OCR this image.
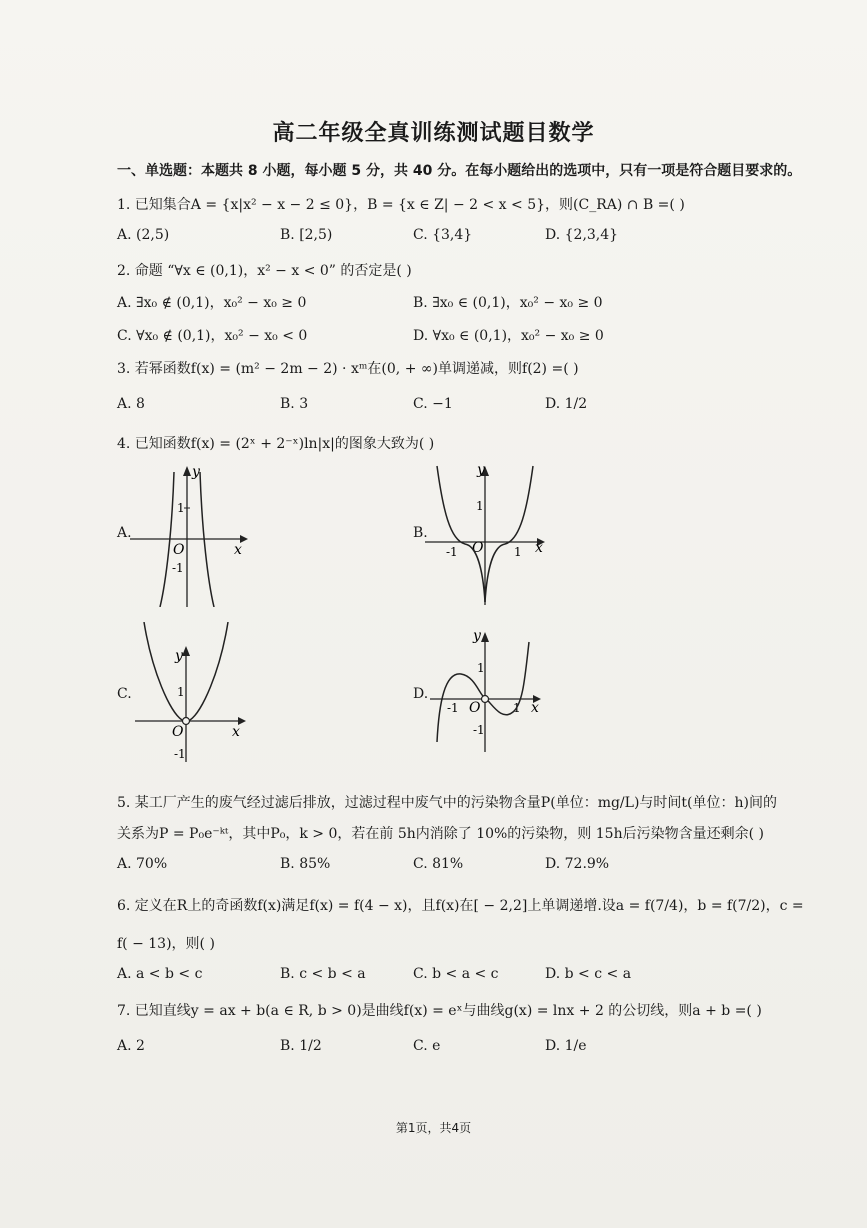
高二年级全真训练测试题目数学
一、单选题：本题共 8 小题，每小题 5 分，共 40 分。在每小题给出的选项中，只有一项是符合题目要求的。
1. 已知集合A = {x|x² − x − 2 ≤ 0}，B = {x ∈ Z| − 2 < x < 5}，则(C_RA) ∩ B =( )
A. (2,5)	B. [2,5)	C. {3,4}	D. {2,3,4}
2. 命题 “∀x ∈ (0,1)，x² − x < 0” 的否定是( )
A. ∃x₀ ∉ (0,1)，x₀² − x₀ ≥ 0	B. ∃x₀ ∈ (0,1)，x₀² − x₀ ≥ 0
C. ∀x₀ ∉ (0,1)，x₀² − x₀ < 0	D. ∀x₀ ∈ (0,1)，x₀² − x₀ ≥ 0
3. 若幂函数f(x) = (m² − 2m − 2) · xᵐ在(0, + ∞)单调递减，则f(2) =( )
A. 8	B. 3	C. −1	D. 1/2
4. 已知函数f(x) = (2ˣ + 2⁻ˣ)ln|x|的图象大致为( )
A.
y
x
O
1
-1
B.
y
x
O
1
-1	1
C.
y
x
O
1
-1
D.
y
x
O
1
-1
-1
1
5. 某工厂产生的废气经过滤后排放，过滤过程中废气中的污染物含量P(单位：mg/L)与时间t(单位：h)间的
关系为P = P₀e⁻ᵏᵗ，其中P₀，k > 0，若在前 5h内消除了 10%的污染物，则 15h后污染物含量还剩余( )
A. 70%	B. 85%	C. 81%	D. 72.9%
6. 定义在R上的奇函数f(x)满足f(x) = f(4 − x)，且f(x)在[ − 2,2]上单调递增.设a = f(7/4)，b = f(7/2)，c =
f( − 13)，则( )
A. a < b < c	B. c < b < a	C. b < a < c	D. b < c < a
7. 已知直线y = ax + b(a ∈ R, b > 0)是曲线f(x) = eˣ与曲线g(x) = lnx + 2 的公切线，则a + b =( )
A. 2	B. 1/2	C. e	D. 1/e
第1页，共4页
